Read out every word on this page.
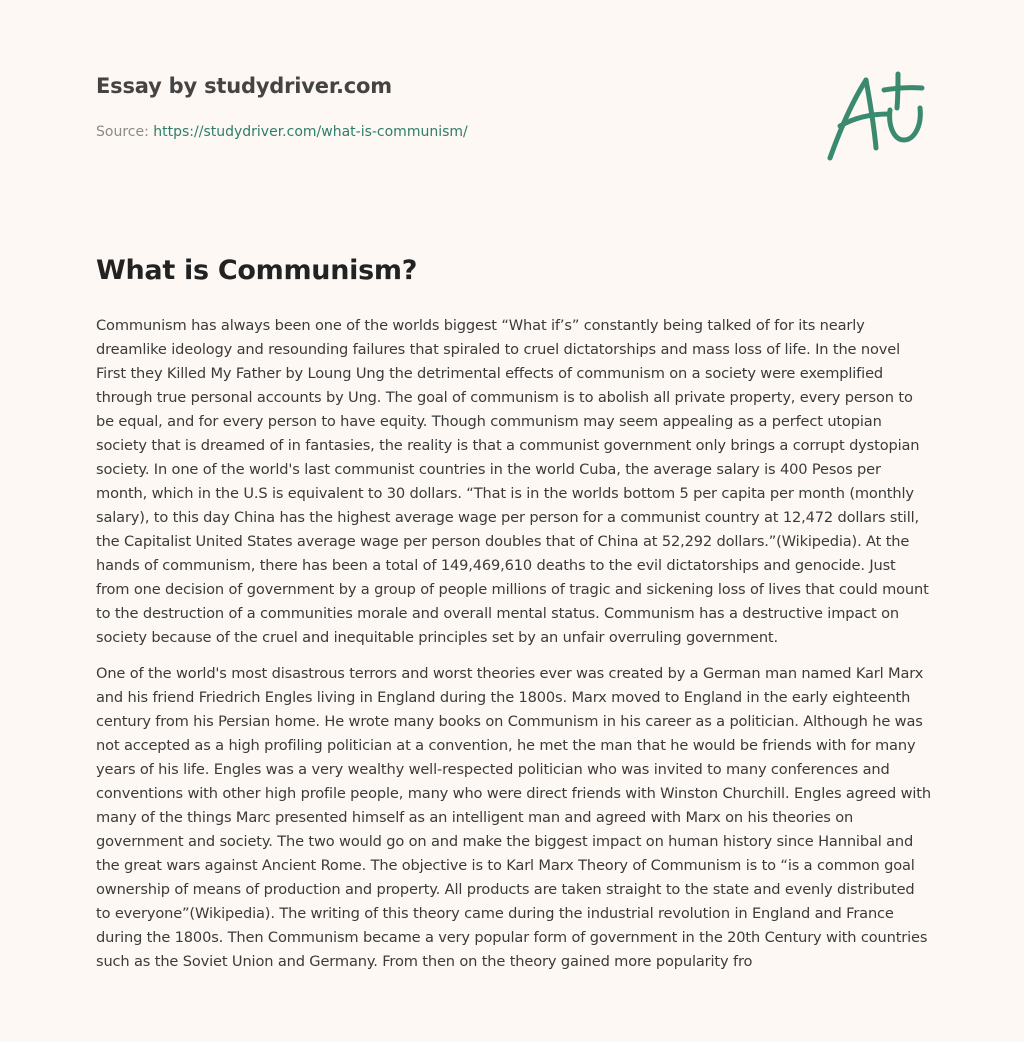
Essay by studydriver.com
Source: https://studydriver.com/what-is-communism/
What is Communism?

Communism has always been one of the worlds biggest “What if’s” constantly being talked of for its nearly dreamlike ideology and resounding failures that spiraled to cruel dictatorships and mass loss of life. In the novel First they Killed My Father by Loung Ung the detrimental effects of communism on a society were exemplified through true personal accounts by Ung. The goal of communism is to abolish all private property, every person to be equal, and for every person to have equity. Though communism may seem appealing as a perfect utopian society that is dreamed of in fantasies, the reality is that a communist government only brings a corrupt dystopian society. In one of the world's last communist countries in the world Cuba, the average salary is 400 Pesos per month, which in the U.S is equivalent to 30 dollars. “That is in the worlds bottom 5 per capita per month (monthly salary), to this day China has the highest average wage per person for a communist country at 12,472 dollars still, the Capitalist United States average wage per person doubles that of China at 52,292 dollars.”(Wikipedia). At the hands of communism, there has been a total of 149,469,610 deaths to the evil dictatorships and genocide. Just from one decision of government by a group of people millions of tragic and sickening loss of lives that could mount to the destruction of a communities morale and overall mental status. Communism has a destructive impact on society because of the cruel and inequitable principles set by an unfair overruling government.

One of the world's most disastrous terrors and worst theories ever was created by a German man named Karl Marx and his friend Friedrich Engles living in England during the 1800s. Marx moved to England in the early eighteenth century from his Persian home. He wrote many books on Communism in his career as a politician. Although he was not accepted as a high profiling politician at a convention, he met the man that he would be friends with for many years of his life. Engles was a very wealthy well-respected politician who was invited to many conferences and conventions with other high profile people, many who were direct friends with Winston Churchill. Engles agreed with many of the things Marc presented himself as an intelligent man and agreed with Marx on his theories on government and society. The two would go on and make the biggest impact on human history since Hannibal and the great wars against Ancient Rome. The objective is to Karl Marx Theory of Communism is to “is a common goal ownership of means of production and property. All products are taken straight to the state and evenly distributed to everyone”(Wikipedia). The writing of this theory came during the industrial revolution in England and France during the 1800s. Then Communism became a very popular form of government in the 20th Century with countries such as the Soviet Union and Germany. From then on the theory gained more popularity fro
